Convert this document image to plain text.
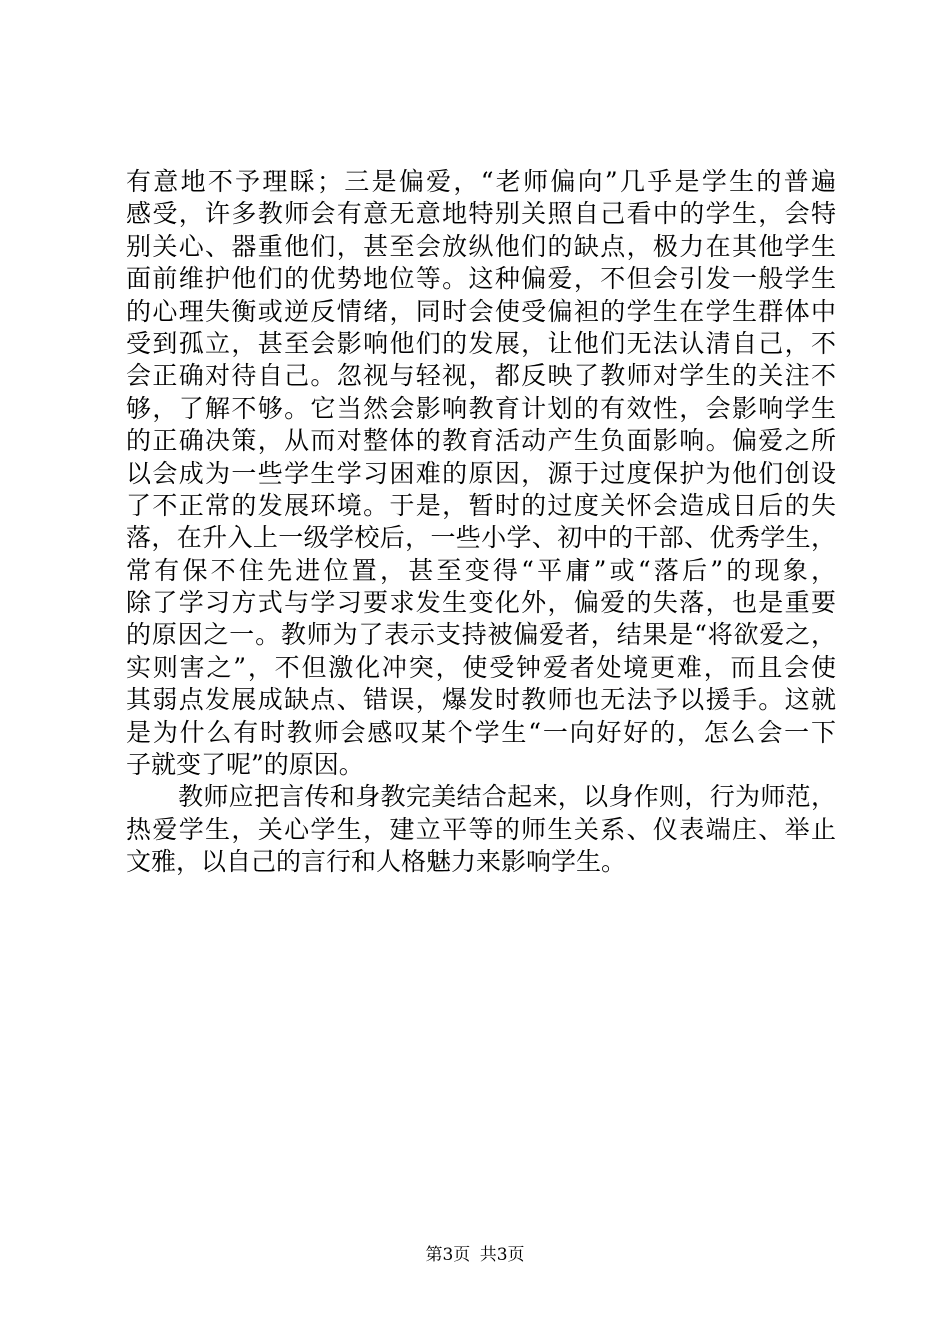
有意地不予理睬；三是偏爱，“老师偏向”几乎是学生的普遍
感受，许多教师会有意无意地特别关照自己看中的学生，会特
别关心、器重他们，甚至会放纵他们的缺点，极力在其他学生
面前维护他们的优势地位等。这种偏爱，不但会引发一般学生
的心理失衡或逆反情绪，同时会使受偏袒的学生在学生群体中
受到孤立，甚至会影响他们的发展，让他们无法认清自己，不
会正确对待自己。忽视与轻视，都反映了教师对学生的关注不
够，了解不够。它当然会影响教育计划的有效性，会影响学生
的正确决策，从而对整体的教育活动产生负面影响。偏爱之所
以会成为一些学生学习困难的原因，源于过度保护为他们创设
了不正常的发展环境。于是，暂时的过度关怀会造成日后的失
落，在升入上一级学校后，一些小学、初中的干部、优秀学生，
常有保不住先进位置，甚至变得“平庸”或“落后”的现象，
除了学习方式与学习要求发生变化外，偏爱的失落，也是重要
的原因之一。教师为了表示支持被偏爱者，结果是“将欲爱之，
实则害之”，不但激化冲突，使受钟爱者处境更难，而且会使
其弱点发展成缺点、错误，爆发时教师也无法予以援手。这就
是为什么有时教师会感叹某个学生“一向好好的，怎么会一下
子就变了呢”的原因。
教师应把言传和身教完美结合起来，以身作则，行为师范，
热爱学生，关心学生，建立平等的师生关系、仪表端庄、举止
文雅，以自己的言行和人格魅力来影响学生。
第3页 共3页
